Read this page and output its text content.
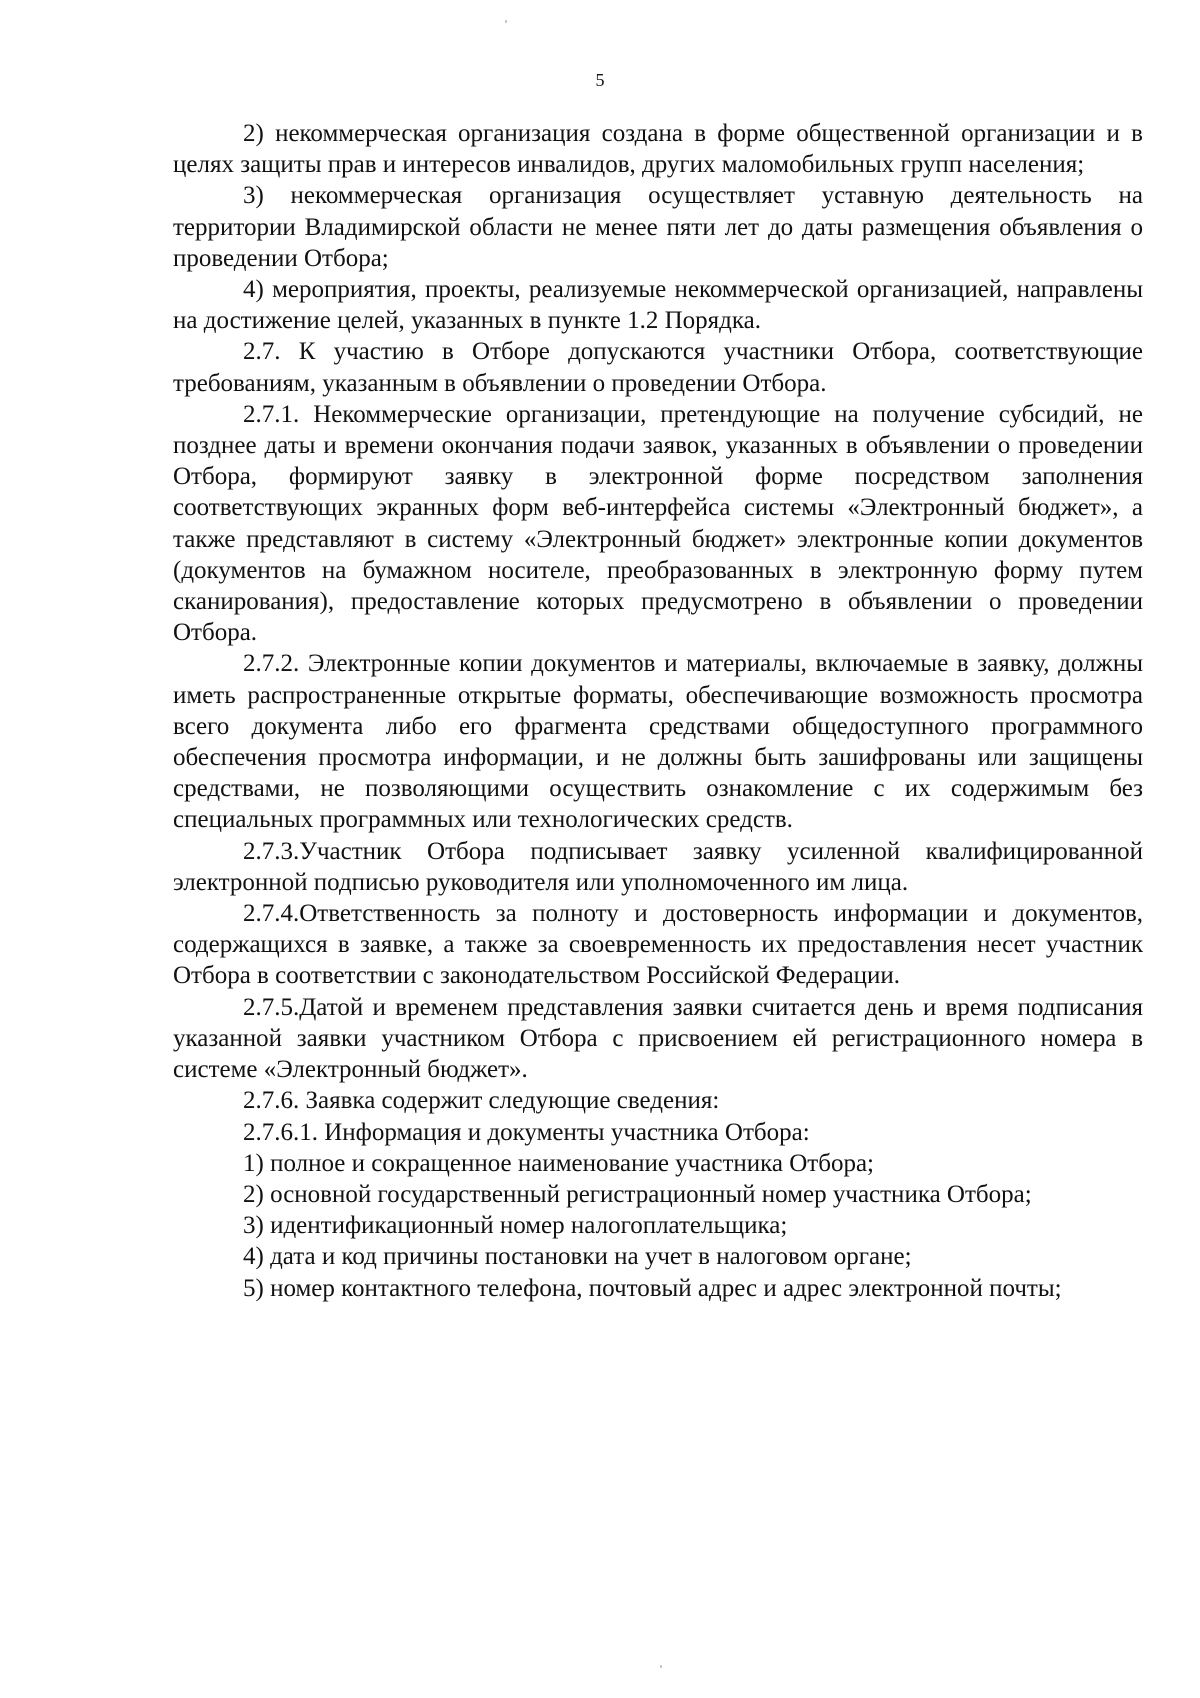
5

2) некоммерческая организация создана в форме общественной организации и в целях защиты прав и интересов инвалидов, других маломобильных групп населения;

3) некоммерческая организация осуществляет уставную деятельность на территории Владимирской области не менее пяти лет до даты размещения объявления о проведении Отбора;

4) мероприятия, проекты, реализуемые некоммерческой организацией, направлены на достижение целей, указанных в пункте 1.2 Порядка.

2.7. К участию в Отборе допускаются участники Отбора, соответствующие требованиям, указанным в объявлении о проведении Отбора.

2.7.1. Некоммерческие организации, претендующие на получение субсидий, не позднее даты и времени окончания подачи заявок, указанных в объявлении о проведении Отбора, формируют заявку в электронной форме посредством заполнения соответствующих экранных форм веб-интерфейса системы «Электронный бюджет», а также представляют в систему «Электронный бюджет» электронные копии документов (документов на бумажном носителе, преобразованных в электронную форму путем сканирования), предоставление которых предусмотрено в объявлении о проведении Отбора.

2.7.2. Электронные копии документов и материалы, включаемые в заявку, должны иметь распространенные открытые форматы, обеспечивающие возможность просмотра всего документа либо его фрагмента средствами общедоступного программного обеспечения просмотра информации, и не должны быть зашифрованы или защищены средствами, не позволяющими осуществить ознакомление с их содержимым без специальных программных или технологических средств.

2.7.3.Участник Отбора подписывает заявку усиленной квалифицированной электронной подписью руководителя или уполномоченного им лица.

2.7.4.Ответственность за полноту и достоверность информации и документов, содержащихся в заявке, а также за своевременность их предоставления несет участник Отбора в соответствии с законодательством Российской Федерации.

2.7.5.Датой и временем представления заявки считается день и время подписания указанной заявки участником Отбора с присвоением ей регистрационного номера в системе «Электронный бюджет».

2.7.6. Заявка содержит следующие сведения:

2.7.6.1. Информация и документы участника Отбора:

1) полное и сокращенное наименование участника Отбора;

2) основной государственный регистрационный номер участника Отбора;

3) идентификационный номер налогоплательщика;

4) дата и код причины постановки на учет в налоговом органе;

5) номер контактного телефона, почтовый адрес и адрес электронной почты;
